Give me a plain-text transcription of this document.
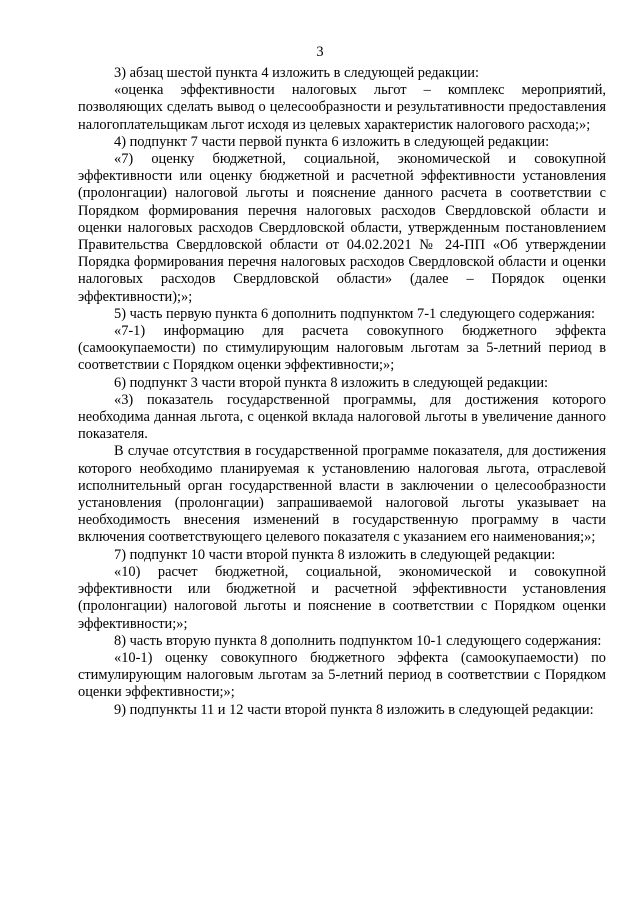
3

3) абзац шестой пункта 4 изложить в следующей редакции:

«оценка эффективности налоговых льгот – комплекс мероприятий, позволяющих сделать вывод о целесообразности и результативности предоставления налогоплательщикам льгот исходя из целевых характеристик налогового расхода;»;

4) подпункт 7 части первой пункта 6 изложить в следующей редакции:

«7) оценку бюджетной, социальной, экономической и совокупной эффективности или оценку бюджетной и расчетной эффективности установления (пролонгации) налоговой льготы и пояснение данного расчета в соответствии с Порядком формирования перечня налоговых расходов Свердловской области и оценки налоговых расходов Свердловской области, утвержденным постановлением Правительства Свердловской области от 04.02.2021 № 24-ПП «Об утверждении Порядка формирования перечня налоговых расходов Свердловской области и оценки налоговых расходов Свердловской области» (далее – Порядок оценки эффективности);»;

5) часть первую пункта 6 дополнить подпунктом 7-1 следующего содержания:

«7-1) информацию для расчета совокупного бюджетного эффекта (самоокупаемости) по стимулирующим налоговым льготам за 5-летний период в соответствии с Порядком оценки эффективности;»;

6) подпункт 3 части второй пункта 8 изложить в следующей редакции:

«3) показатель государственной программы, для достижения которого необходима данная льгота, с оценкой вклада налоговой льготы в увеличение данного показателя.

В случае отсутствия в государственной программе показателя, для достижения которого необходимо планируемая к установлению налоговая льгота, отраслевой исполнительный орган государственной власти в заключении о целесообразности установления (пролонгации) запрашиваемой налоговой льготы указывает на необходимость внесения изменений в государственную программу в части включения соответствующего целевого показателя с указанием его наименования;»;

7) подпункт 10 части второй пункта 8 изложить в следующей редакции:

«10) расчет бюджетной, социальной, экономической и совокупной эффективности или бюджетной и расчетной эффективности установления (пролонгации) налоговой льготы и пояснение в соответствии с Порядком оценки эффективности;»;

8) часть вторую пункта 8 дополнить подпунктом 10-1 следующего содержания:

«10-1) оценку совокупного бюджетного эффекта (самоокупаемости) по стимулирующим налоговым льготам за 5-летний период в соответствии с Порядком оценки эффективности;»;

9) подпункты 11 и 12 части второй пункта 8 изложить в следующей редакции:
